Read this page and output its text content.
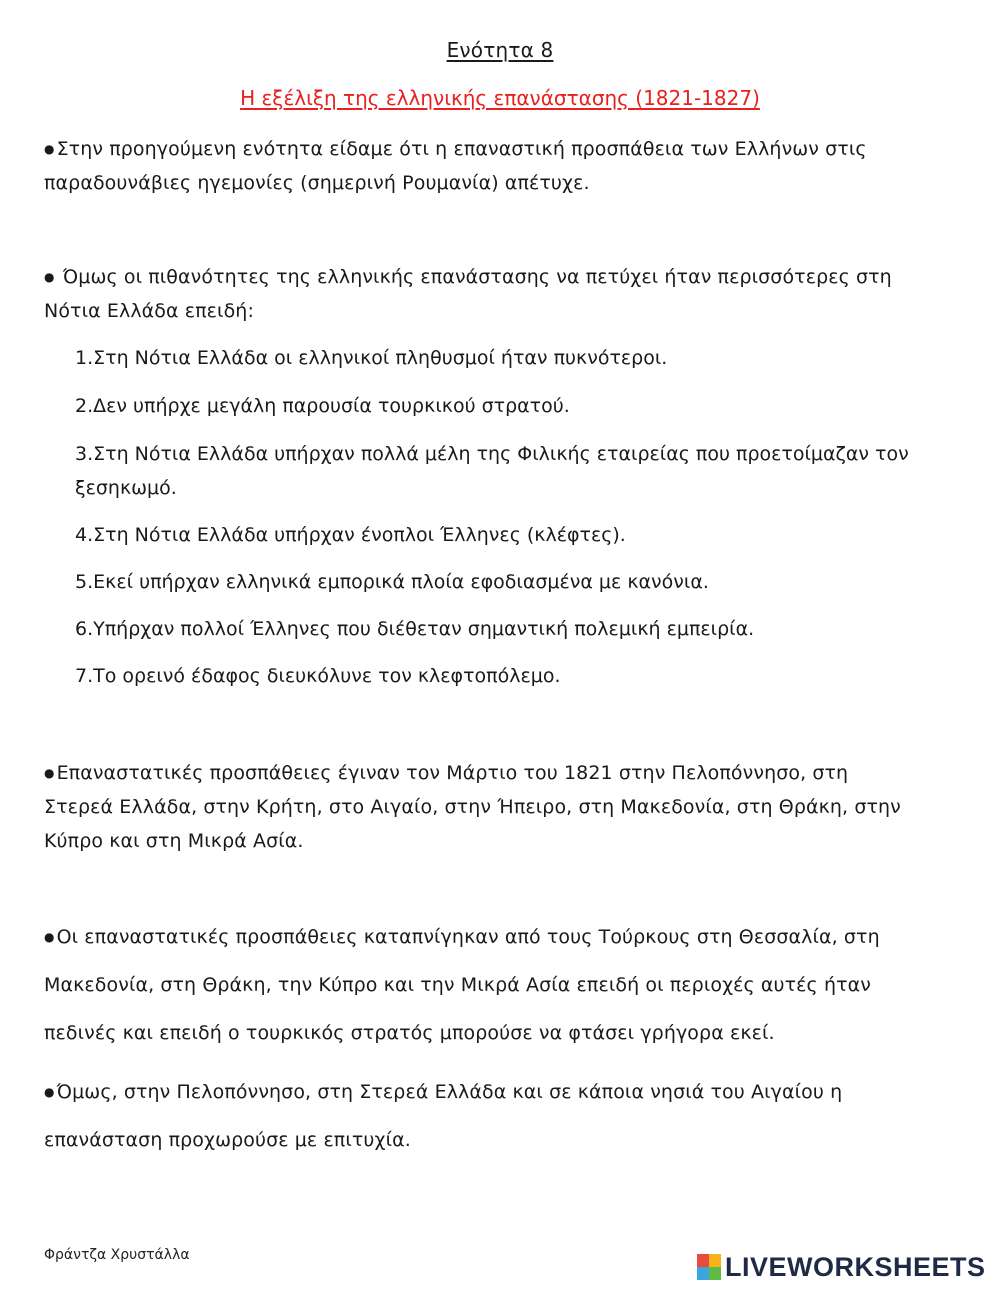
Ενότητα 8
Η εξέλιξη της ελληνικής επανάστασης (1821-1827)
● Στην προηγούμενη ενότητα είδαμε ότι η επαναστική προσπάθεια των Ελλήνων στις
παραδουνάβιες ηγεμονίες (σημερινή Ρουμανία) απέτυχε.
● Όμως οι πιθανότητες της ελληνικής επανάστασης να πετύχει ήταν περισσότερες στη
Νότια Ελλάδα επειδή:
1.Στη Νότια Ελλάδα οι ελληνικοί πληθυσμοί ήταν πυκνότεροι.
2.Δεν υπήρχε μεγάλη παρουσία τουρκικού στρατού.
3.Στη Νότια Ελλάδα υπήρχαν πολλά μέλη της Φιλικής εταιρείας που προετοίμαζαν τον
ξεσηκωμό.
4.Στη Νότια Ελλάδα υπήρχαν ένοπλοι Έλληνες (κλέφτες).
5.Εκεί υπήρχαν ελληνικά εμπορικά πλοία εφοδιασμένα με κανόνια.
6.Υπήρχαν πολλοί Έλληνες που διέθεταν σημαντική πολεμική εμπειρία.
7.Το ορεινό έδαφος διευκόλυνε τον κλεφτοπόλεμο.
● Επαναστατικές προσπάθειες έγιναν τον Μάρτιο του 1821 στην Πελοπόννησο, στη
Στερεά Ελλάδα, στην Κρήτη, στο Αιγαίο, στην Ήπειρο, στη Μακεδονία, στη Θράκη, στην
Κύπρο και στη Μικρά Ασία.
● Οι επαναστατικές προσπάθειες καταπνίγηκαν από τους Τούρκους στη Θεσσαλία, στη
Μακεδονία, στη Θράκη, την Κύπρο και την Μικρά Ασία επειδή οι περιοχές αυτές ήταν
πεδινές και επειδή ο τουρκικός στρατός μπορούσε να φτάσει γρήγορα εκεί.
● Όμως, στην Πελοπόννησο, στη Στερεά Ελλάδα και σε κάποια νησιά του Αιγαίου η
επανάσταση προχωρούσε με επιτυχία.
Φράντζα Χρυστάλλα	LIVEWORKSHEETS
